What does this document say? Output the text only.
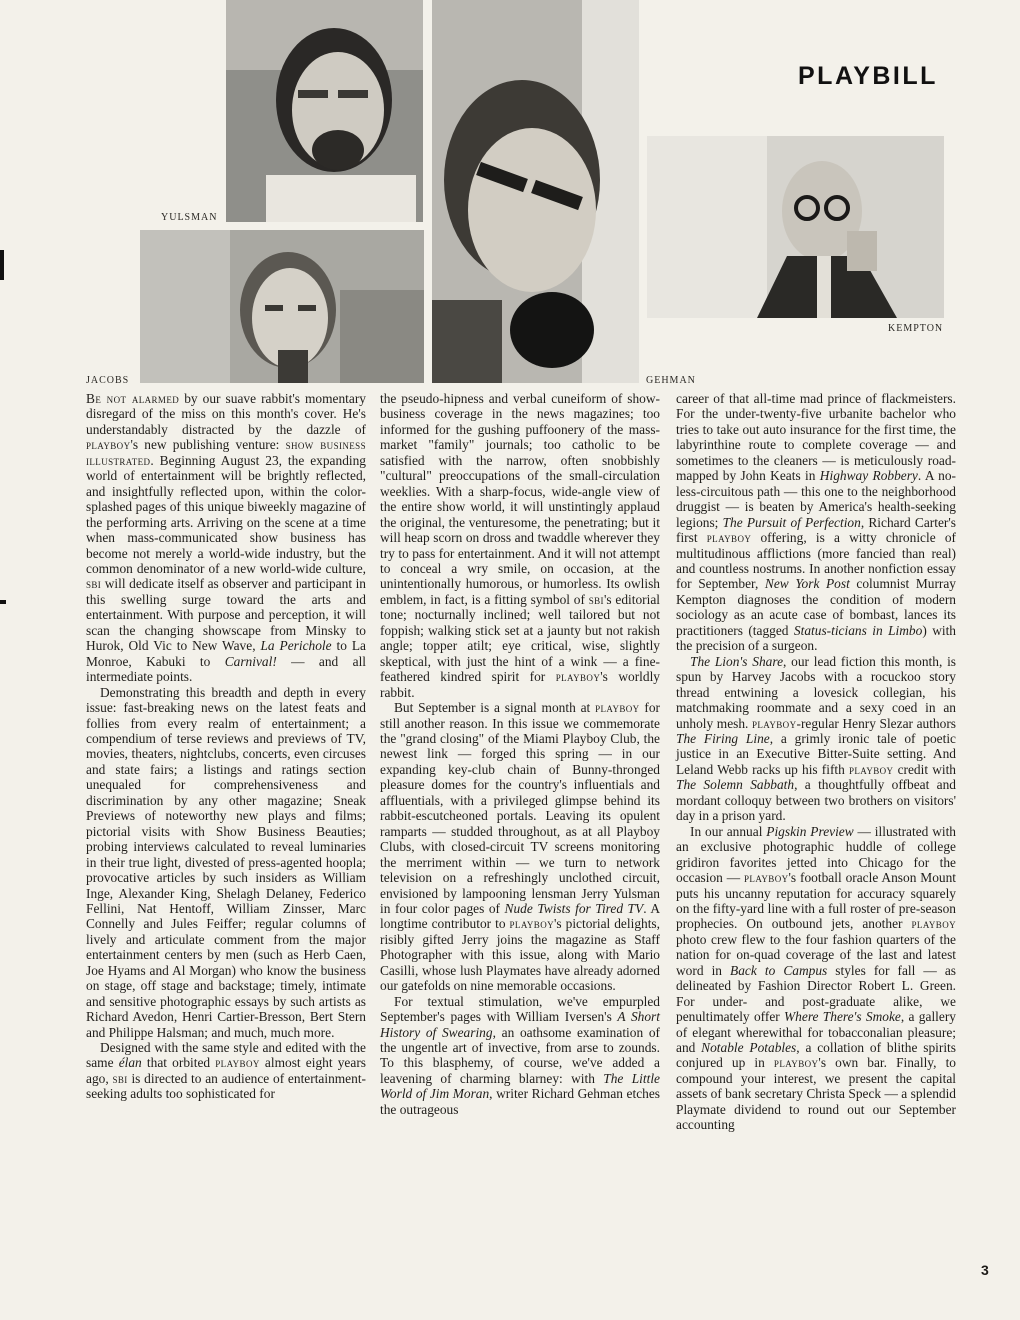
YULSMAN
JACOBS	GEHMAN
KEMPTON
PLAYBILL

Be not alarmed by our suave rabbit's momentary disregard of the miss on this month's cover. He's understandably distracted by the dazzle of playboy's new publishing venture: show business illustrated. Beginning August 23, the expanding world of entertainment will be brightly reflected, and insightfully reflected upon, within the color-splashed pages of this unique biweekly magazine of the performing arts. Arriving on the scene at a time when mass-communicated show business has become not merely a world-wide industry, but the common denominator of a new world-wide culture, sbi will dedicate itself as observer and participant in this swelling surge toward the arts and entertainment. With purpose and perception, it will scan the changing showscape from Minsky to Hurok, Old Vic to New Wave, La Perichole to La Monroe, Kabuki to Carnival! — and all intermediate points.

Demonstrating this breadth and depth in every issue: fast-breaking news on the latest feats and follies from every realm of entertainment; a compendium of terse reviews and previews of TV, movies, theaters, nightclubs, concerts, even circuses and state fairs; a listings and ratings section unequaled for comprehensiveness and discrimination by any other magazine; Sneak Previews of noteworthy new plays and films; pictorial visits with Show Business Beauties; probing interviews calculated to reveal luminaries in their true light, divested of press-agented hoopla; provocative articles by such insiders as William Inge, Alexander King, Shelagh Delaney, Federico Fellini, Nat Hentoff, William Zinsser, Marc Connelly and Jules Feiffer; regular columns of lively and articulate comment from the major entertainment centers by men (such as Herb Caen, Joe Hyams and Al Morgan) who know the business on stage, off stage and backstage; timely, intimate and sensitive photographic essays by such artists as Richard Avedon, Henri Cartier-Bresson, Bert Stern and Philippe Halsman; and much, much more.

Designed with the same style and edited with the same élan that orbited playboy almost eight years ago, sbi is directed to an audience of entertainment-seeking adults too sophisticated for

the pseudo-hipness and verbal cuneiform of show-business coverage in the news magazines; too informed for the gushing puffoonery of the mass-market "family" journals; too catholic to be satisfied with the narrow, often snobbishly "cultural" preoccupations of the small-circulation weeklies. With a sharp-focus, wide-angle view of the entire show world, it will unstintingly applaud the original, the venturesome, the penetrating; but it will heap scorn on dross and twaddle wherever they try to pass for entertainment. And it will not attempt to conceal a wry smile, on occasion, at the unintentionally humorous, or humorless. Its owlish emblem, in fact, is a fitting symbol of sbi's editorial tone; nocturnally inclined; well tailored but not foppish; walking stick set at a jaunty but not rakish angle; topper atilt; eye critical, wise, slightly skeptical, with just the hint of a wink — a fine-feathered kindred spirit for playboy's worldly rabbit.

But September is a signal month at playboy for still another reason. In this issue we commemorate the "grand closing" of the Miami Playboy Club, the newest link — forged this spring — in our expanding key-club chain of Bunny-thronged pleasure domes for the country's influentials and affluentials, with a privileged glimpse behind its rabbit-escutcheoned portals. Leaving its opulent ramparts — studded throughout, as at all Playboy Clubs, with closed-circuit TV screens monitoring the merriment within — we turn to network television on a refreshingly unclothed circuit, envisioned by lampooning lensman Jerry Yulsman in four color pages of Nude Twists for Tired TV. A longtime contributor to playboy's pictorial delights, risibly gifted Jerry joins the magazine as Staff Photographer with this issue, along with Mario Casilli, whose lush Playmates have already adorned our gatefolds on nine memorable occasions.

For textual stimulation, we've empurpled September's pages with William Iversen's A Short History of Swearing, an oathsome examination of the ungentle art of invective, from arse to zounds. To this blasphemy, of course, we've added a leavening of charming blarney: with The Little World of Jim Moran, writer Richard Gehman etches the outrageous

career of that all-time mad prince of flackmeisters. For the under-twenty-five urbanite bachelor who tries to take out auto insurance for the first time, the labyrinthine route to complete coverage — and sometimes to the cleaners — is meticulously road-mapped by John Keats in Highway Robbery. A no-less-circuitous path — this one to the neighborhood druggist — is beaten by America's health-seeking legions; The Pursuit of Perfection, Richard Carter's first playboy offering, is a witty chronicle of multitudinous afflictions (more fancied than real) and countless nostrums. In another nonfiction essay for September, New York Post columnist Murray Kempton diagnoses the condition of modern sociology as an acute case of bombast, lances its practitioners (tagged Status-ticians in Limbo) with the precision of a surgeon.

The Lion's Share, our lead fiction this month, is spun by Harvey Jacobs with a rocuckoo story thread entwining a lovesick collegian, his matchmaking roommate and a sexy coed in an unholy mesh. playboy-regular Henry Slezar authors The Firing Line, a grimly ironic tale of poetic justice in an Executive Bitter-Suite setting. And Leland Webb racks up his fifth playboy credit with The Solemn Sabbath, a thoughtfully offbeat and mordant colloquy between two brothers on visitors' day in a prison yard.

In our annual Pigskin Preview — illustrated with an exclusive photographic huddle of college gridiron favorites jetted into Chicago for the occasion — playboy's football oracle Anson Mount puts his uncanny reputation for accuracy squarely on the fifty-yard line with a full roster of pre-season prophecies. On outbound jets, another playboy photo crew flew to the four fashion quarters of the nation for on-quad coverage of the last and latest word in Back to Campus styles for fall — as delineated by Fashion Director Robert L. Green. For under- and post-graduate alike, we penultimately offer Where There's Smoke, a gallery of elegant wherewithal for tobacconalian pleasure; and Notable Potables, a collation of blithe spirits conjured up in playboy's own bar. Finally, to compound your interest, we present the capital assets of bank secretary Christa Speck — a splendid Playmate dividend to round out our September accounting

3
